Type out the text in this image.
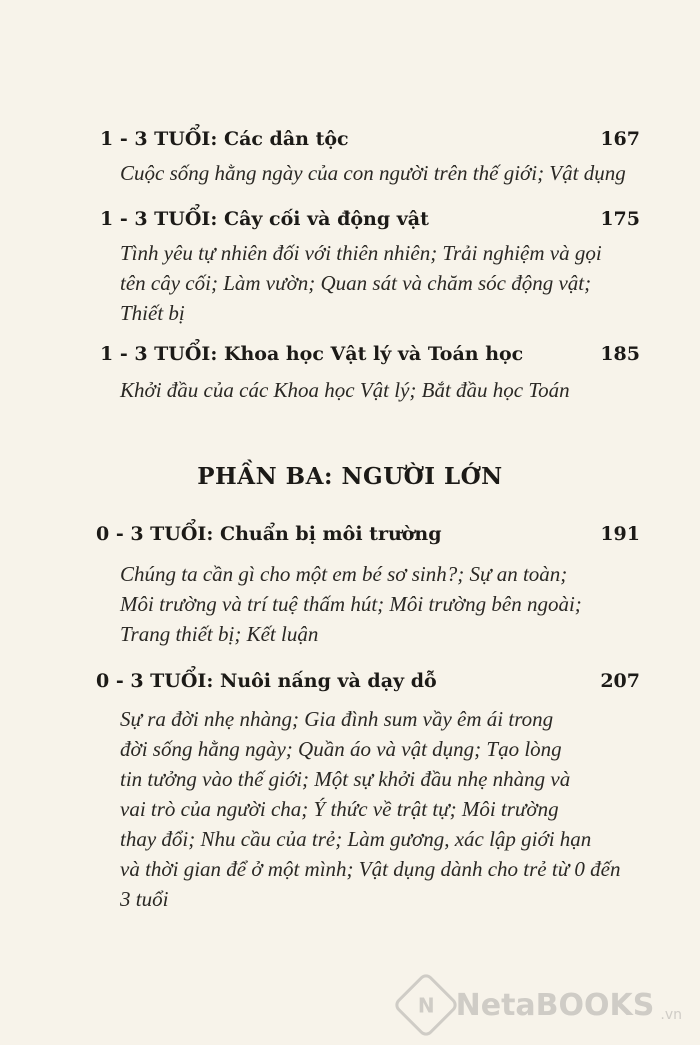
1 - 3 TUỔI: Các dân tộc	167
Cuộc sống hằng ngày của con người trên thế giới; Vật dụng
1 - 3 TUỔI: Cây cối và động vật	175
Tình yêu tự nhiên đối với thiên nhiên; Trải nghiệm và gọi
tên cây cối; Làm vườn; Quan sát và chăm sóc động vật;
Thiết bị
1 - 3 TUỔI: Khoa học Vật lý và Toán học	185
Khởi đầu của các Khoa học Vật lý; Bắt đầu học Toán
PHẦN BA: NGƯỜI LỚN
0 - 3 TUỔI: Chuẩn bị môi trường	191
Chúng ta cần gì cho một em bé sơ sinh?; Sự an toàn;
Môi trường và trí tuệ thấm hút; Môi trường bên ngoài;
Trang thiết bị; Kết luận
0 - 3 TUỔI: Nuôi nấng và dạy dỗ	207
Sự ra đời nhẹ nhàng; Gia đình sum vầy êm ái trong
đời sống hằng ngày; Quần áo và vật dụng; Tạo lòng
tin tưởng vào thế giới; Một sự khởi đầu nhẹ nhàng và
vai trò của người cha; Ý thức về trật tự; Môi trường
thay đổi; Nhu cầu của trẻ; Làm gương, xác lập giới hạn
và thời gian để ở một mình; Vật dụng dành cho trẻ từ 0 đến
3 tuổi
N NetaBOOKS .vn
